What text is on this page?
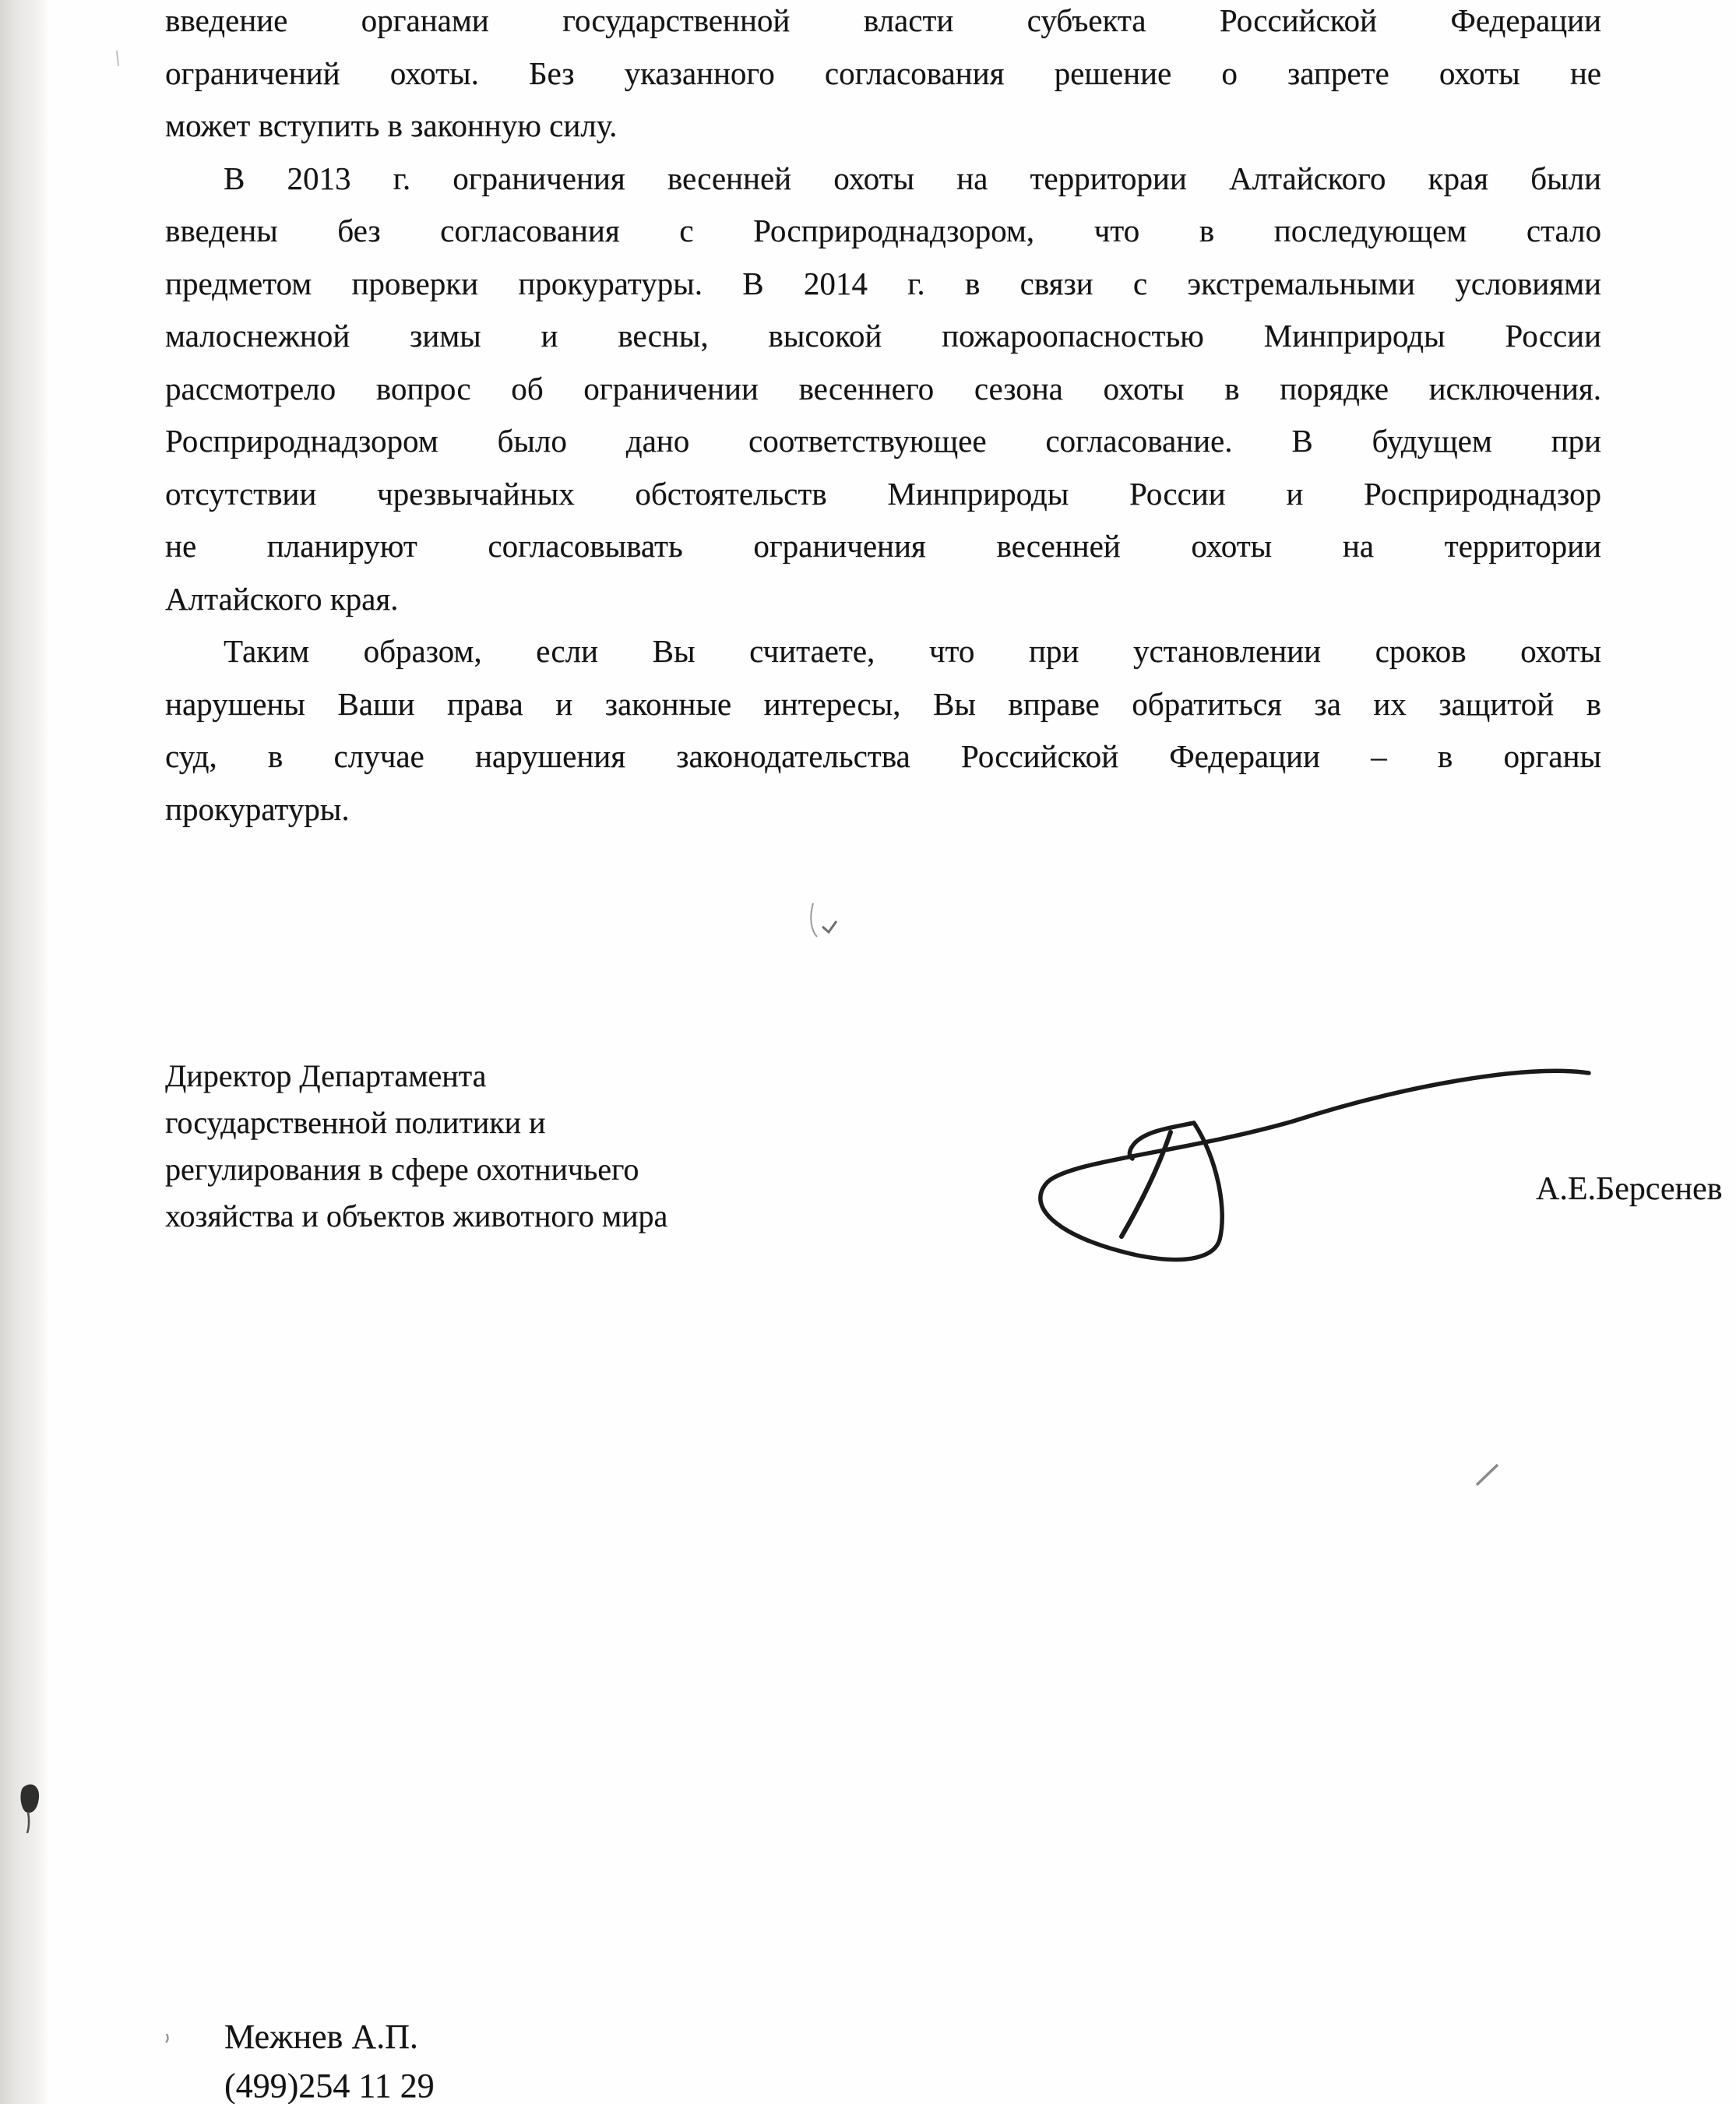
введение органами государственной власти субъекта Российской Федерации
ограничений охоты. Без указанного согласования решение о запрете охоты не
может вступить в законную силу.
В 2013 г. ограничения весенней охоты на территории Алтайского края были
введены без согласования с Росприроднадзором, что в последующем стало
предметом проверки прокуратуры. В 2014 г. в связи с экстремальными условиями
малоснежной зимы и весны, высокой пожароопасностью Минприроды России
рассмотрело вопрос об ограничении весеннего сезона охоты в порядке исключения.
Росприроднадзором было дано соответствующее согласование. В будущем при
отсутствии чрезвычайных обстоятельств Минприроды России и Росприроднадзор
не планируют согласовывать ограничения весенней охоты на территории
Алтайского края.
Таким образом, если Вы считаете, что при установлении сроков охоты
нарушены Ваши права и законные интересы, Вы вправе обратиться за их защитой в
суд, в случае нарушения законодательства Российской Федерации – в органы
прокуратуры.
Директор Департамента
государственной политики и
регулирования в сфере охотничьего
хозяйства и объектов животного мира
А.Е.Берсенев
Межнев А.П.
(499)254 11 29
